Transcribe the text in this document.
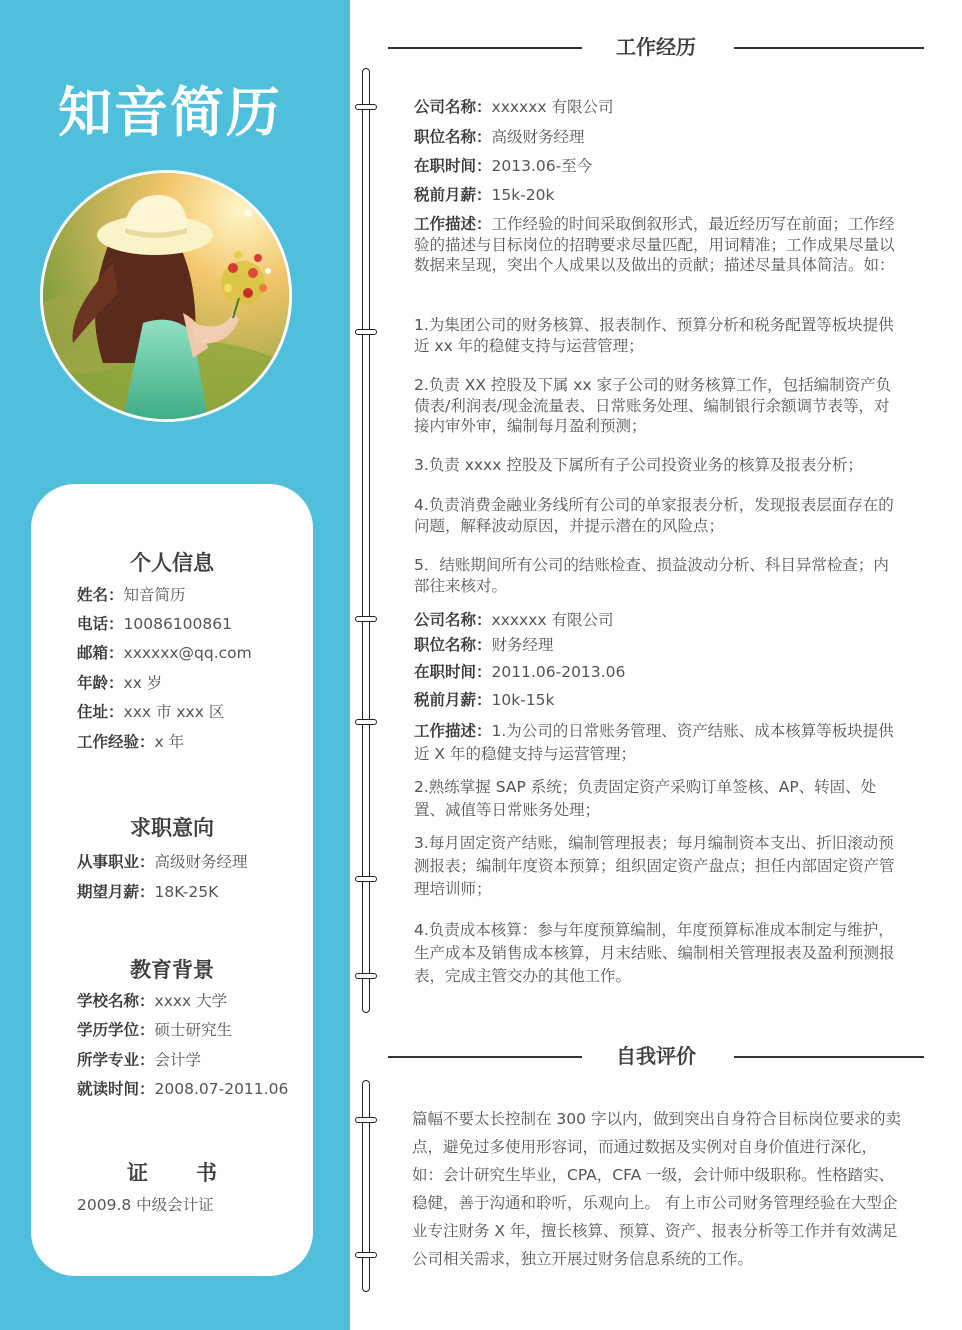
知音简历
个人信息
姓名：知音简历
电话：10086100861
邮箱：xxxxxx@qq.com
年龄：xx 岁
住址：xxx 市 xxx 区
工作经验：x 年
求职意向
从事职业：高级财务经理
期望月薪：18K-25K
教育背景
学校名称：xxxx 大学
学历学位：硕士研究生
所学专业：会计学
就读时间：2008.07-2011.06
证 书
2009.8 中级会计证
工作经历
公司名称：xxxxxx 有限公司
职位名称：高级财务经理
在职时间：2013.06-至今
税前月薪：15k-20k
工作描述：工作经验的时间采取倒叙形式，最近经历写在前面；工作经验的描述与目标岗位的招聘要求尽量匹配，用词精准；工作成果尽量以数据来呈现，突出个人成果以及做出的贡献；描述尽量具体简洁。如：
1.为集团公司的财务核算、报表制作、预算分析和税务配置等板块提供近 xx 年的稳健支持与运营管理；
2.负责 XX 控股及下属 xx 家子公司的财务核算工作，包括编制资产负债表/利润表/现金流量表、日常账务处理、编制银行余额调节表等，对接内审外审，编制每月盈利预测；
3.负责 xxxx 控股及下属所有子公司投资业务的核算及报表分析；
4.负责消费金融业务线所有公司的单家报表分析，发现报表层面存在的问题，解释波动原因，并提示潜在的风险点；
5．结账期间所有公司的结账检查、损益波动分析、科目异常检查；内部往来核对。
公司名称：xxxxxx 有限公司
职位名称：财务经理
在职时间：2011.06-2013.06
税前月薪：10k-15k
工作描述：1.为公司的日常账务管理、资产结账、成本核算等板块提供近 X 年的稳健支持与运营管理；
2.熟练掌握 SAP 系统；负责固定资产采购订单签核、AP、转固、处置、减值等日常账务处理；
3.每月固定资产结账，编制管理报表；每月编制资本支出、折旧滚动预测报表；编制年度资本预算；组织固定资产盘点；担任内部固定资产管理培训师；
4.负责成本核算：参与年度预算编制，年度预算标准成本制定与维护，生产成本及销售成本核算，月末结账、编制相关管理报表及盈利预测报表，完成主管交办的其他工作。
自我评价
篇幅不要太长控制在 300 字以内，做到突出自身符合目标岗位要求的卖点，避免过多使用形容词，而通过数据及实例对自身价值进行深化，如：会计研究生毕业，CPA，CFA 一级，会计师中级职称。性格踏实、稳健，善于沟通和聆听，乐观向上。 有上市公司财务管理经验在大型企业专注财务 X 年，擅长核算、预算、资产、报表分析等工作并有效满足公司相关需求，独立开展过财务信息系统的工作。
